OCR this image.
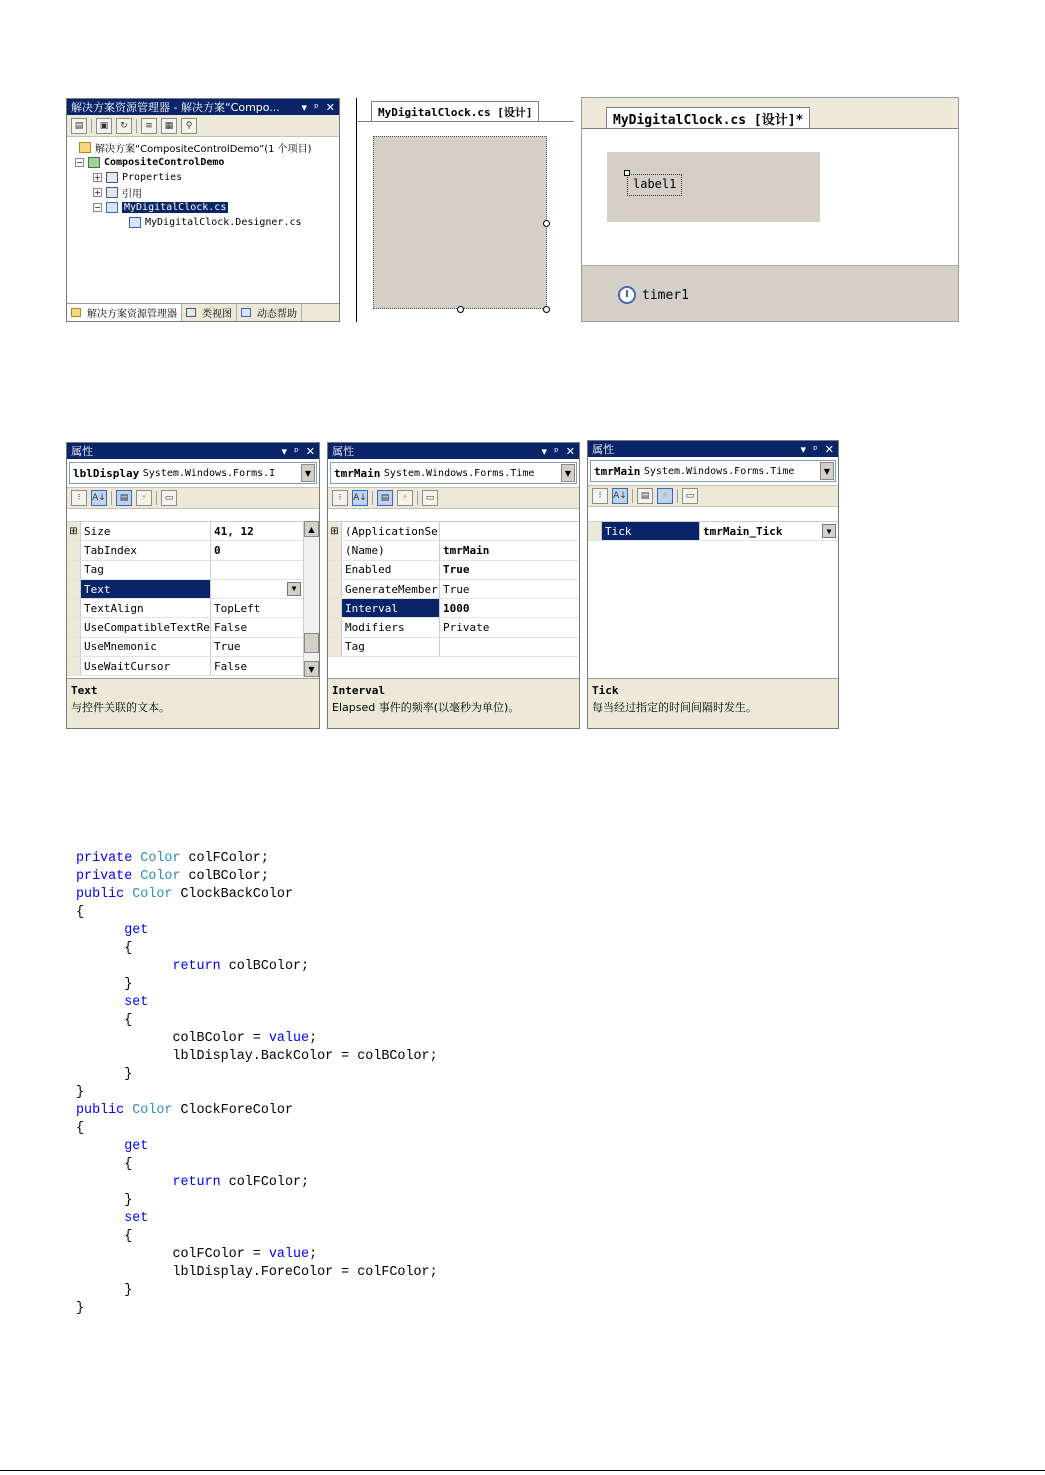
解决方案资源管理器 - 解决方案“Compo...	▾ ᵖ ✕
▤	▣	↻	≡	▦	⚲
解决方案“CompositeControlDemo”(1 个项目)
− CompositeControlDemo
+ Properties
+ 引用
− MyDigitalClock.cs
MyDigitalClock.Designer.cs
解决方案资源管理器	类视图	动态帮助
MyDigitalClock.cs [设计]
MyDigitalClock.cs [设计]*
label1
timer1
属性	▾ ᵖ ✕
lblDisplay
System.Windows.Forms.I	▼
⁝	A↓	▤	⚡	▭
⊞ Size	41, 12
TabIndex	0
Tag
Text	▼
TextAlign	TopLeft
UseCompatibleTextRe False
UseMnemonic	True
UseWaitCursor	False
▲
▼
Text
与控件关联的文本。
属性	▾ ᵖ ✕
tmrMain
System.Windows.Forms.Time	▼
⁝	A↓	▤	⚡	▭
⊞ (ApplicationSe
(Name)	tmrMain
Enabled	True
GenerateMember True
Interval	1000
Modifiers	Private
Tag
Interval
Elapsed 事件的频率(以毫秒为单位)。
属性	▾ ᵖ ✕
tmrMain
System.Windows.Forms.Time	▼
⁝	A↓	▤	⚡	▭
Tick	tmrMain_Tick	▼
Tick
每当经过指定的时间间隔时发生。
private Color colFColor;
private Color colBColor;
public Color ClockBackColor
{
get
{
return colBColor;
}
set
{
colBColor = value;
lblDisplay.BackColor = colBColor;
}
}
public Color ClockForeColor
{
get
{
return colFColor;
}
set
{
colFColor = value;
lblDisplay.ForeColor = colFColor;
}
}
